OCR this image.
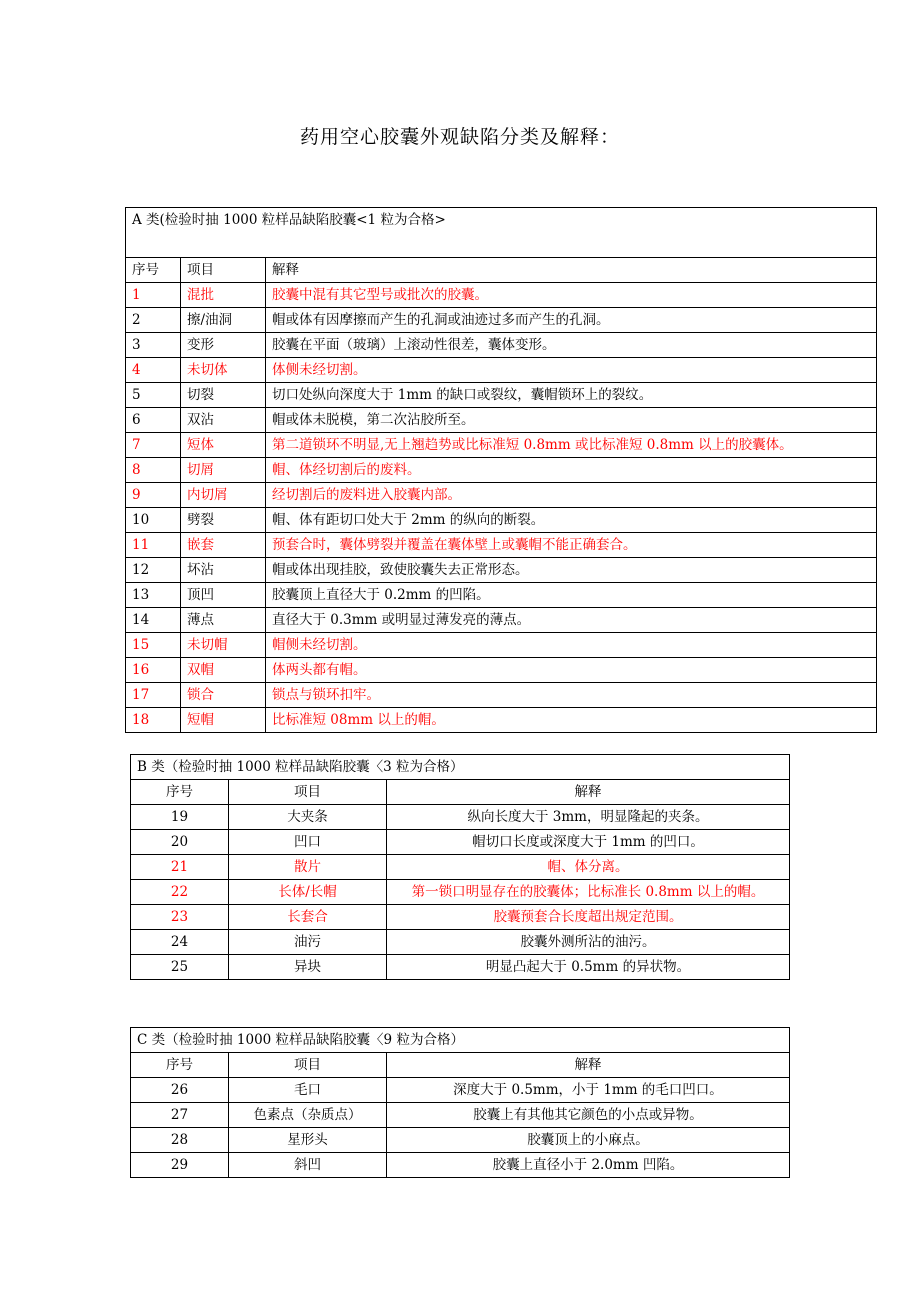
药用空心胶囊外观缺陷分类及解释：
A 类(检验时抽 1000 粒样品缺陷胶囊<1 粒为合格>		
序号	项目	解释
1	混批	胶囊中混有其它型号或批次的胶囊。
2	擦/油洞	帽或体有因摩擦而产生的孔洞或油迹过多而产生的孔洞。
3	变形	胶囊在平面（玻璃）上滚动性很差，囊体变形。
4	未切体	体侧未经切割。
5	切裂	切口处纵向深度大于 1mm 的缺口或裂纹，囊帽锁环上的裂纹。
6	双沾	帽或体未脱模，第二次沾胶所至。
7	短体	第二道锁环不明显,无上翘趋势或比标准短 0.8mm 或比标准短 0.8mm 以上的胶囊体。
8	切屑	帽、体经切割后的废料。
9	内切屑	经切割后的废料进入胶囊内部。
10	劈裂	帽、体有距切口处大于 2mm 的纵向的断裂。
11	嵌套	预套合时，囊体劈裂并覆盖在囊体壁上或囊帽不能正确套合。
12	坏沾	帽或体出现挂胶，致使胶囊失去正常形态。
13	顶凹	胶囊顶上直径大于 0.2mm 的凹陷。
14	薄点	直径大于 0.3mm 或明显过薄发亮的薄点。
15	未切帽	帽侧未经切割。
16	双帽	体两头都有帽。
17	锁合	锁点与锁环扣牢。
18	短帽	比标准短 08mm 以上的帽。
B 类（检验时抽 1000 粒样品缺陷胶囊〈3 粒为合格）		
序号	项目	解释
19	大夹条	纵向长度大于 3mm，明显隆起的夹条。
20	凹口	帽切口长度或深度大于 1mm 的凹口。
21	散片	帽、体分离。
22	长体/长帽	第一锁口明显存在的胶囊体；比标准长 0.8mm 以上的帽。
23	长套合	胶囊预套合长度超出规定范围。
24	油污	胶囊外测所沾的油污。
25	异块	明显凸起大于 0.5mm 的异状物。
C 类（检验时抽 1000 粒样品缺陷胶囊〈9 粒为合格）		
序号	项目	解释
26	毛口	深度大于 0.5mm，小于 1mm 的毛口凹口。
27	色素点（杂质点）	胶囊上有其他其它颜色的小点或异物。
28	星形头	胶囊顶上的小麻点。
29	斜凹	胶囊上直径小于 2.0mm 凹陷。
